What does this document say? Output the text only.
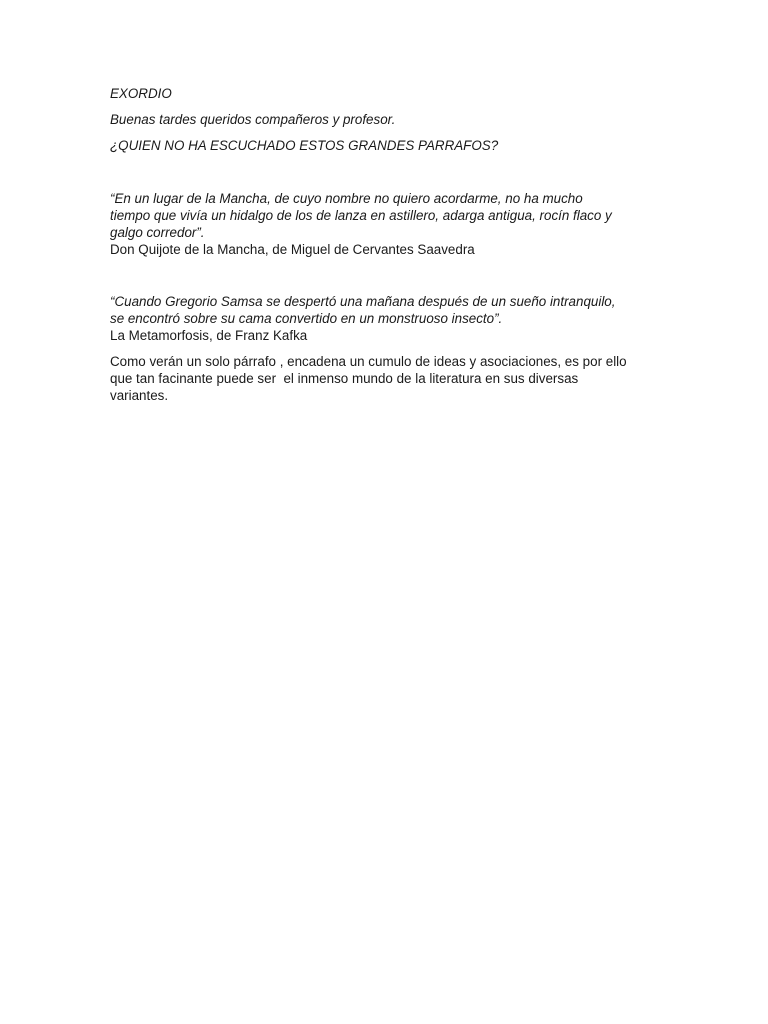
EXORDIO

Buenas tardes queridos compañeros y profesor.

¿QUIEN NO HA ESCUCHADO ESTOS GRANDES PARRAFOS?

“En un lugar de la Mancha, de cuyo nombre no quiero acordarme, no ha mucho
tiempo que vivía un hidalgo de los de lanza en astillero, adarga antigua, rocín flaco y
galgo corredor”.

Don Quijote de la Mancha, de Miguel de Cervantes Saavedra

“Cuando Gregorio Samsa se despertó una mañana después de un sueño intranquilo,
se encontró sobre su cama convertido en un monstruoso insecto”.

La Metamorfosis, de Franz Kafka

Como verán un solo párrafo , encadena un cumulo de ideas y asociaciones, es por ello
que tan facinante puede ser  el inmenso mundo de la literatura en sus diversas
variantes.
